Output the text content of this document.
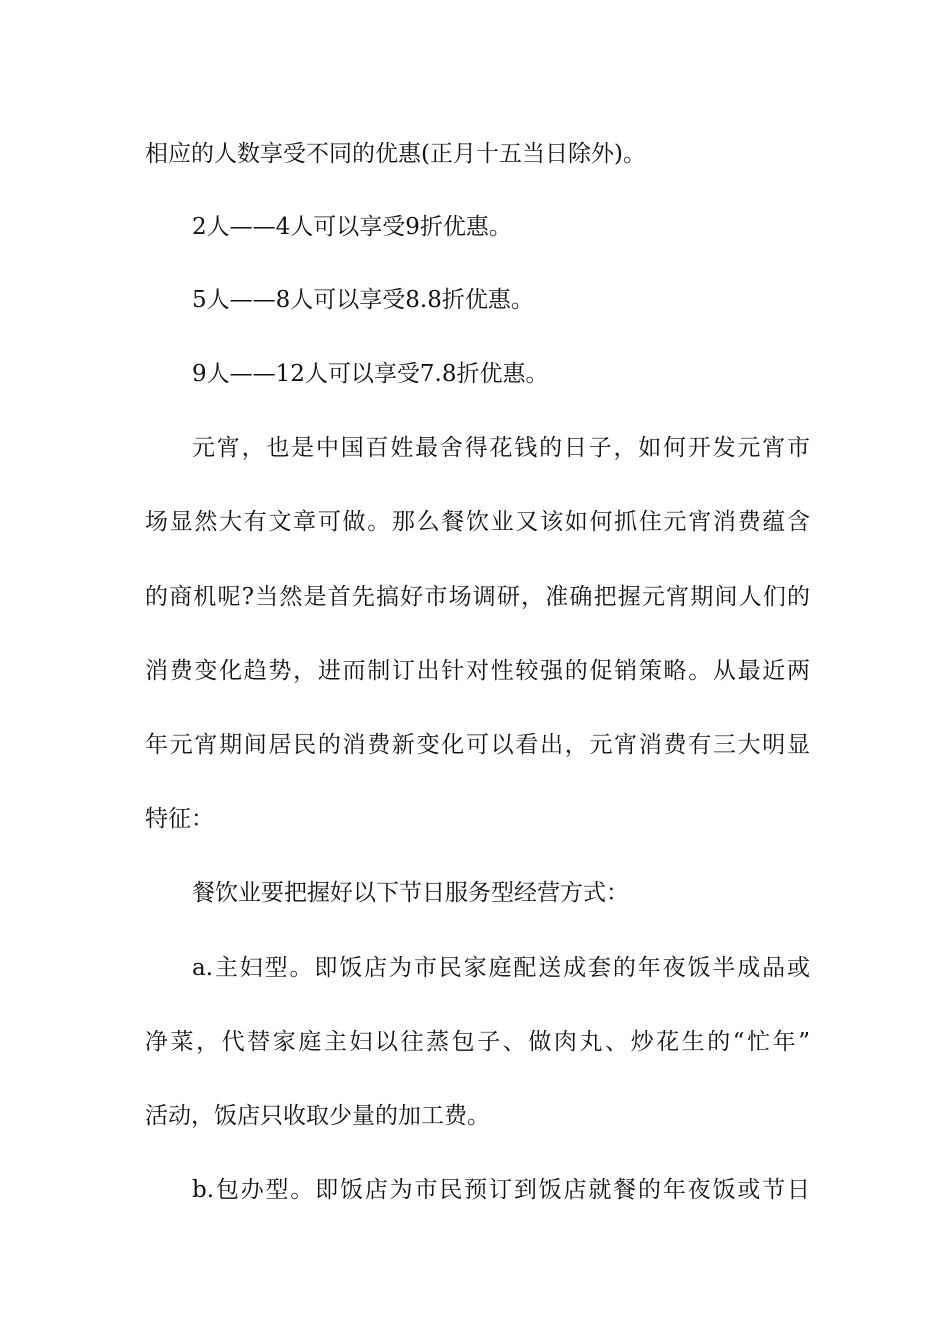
相应的人数享受不同的优惠(正月十五当日除外)。
2人——4人可以享受9折优惠。
5人——8人可以享受8.8折优惠。
9人——12人可以享受7.8折优惠。
元宵，也是中国百姓最舍得花钱的日子，如何开发元宵市
场显然大有文章可做。那么餐饮业又该如何抓住元宵消费蕴含
的商机呢?当然是首先搞好市场调研，准确把握元宵期间人们的
消费变化趋势，进而制订出针对性较强的促销策略。从最近两
年元宵期间居民的消费新变化可以看出，元宵消费有三大明显
特征：
餐饮业要把握好以下节日服务型经营方式：
a.主妇型。即饭店为市民家庭配送成套的年夜饭半成品或
净菜，代替家庭主妇以往蒸包子、做肉丸、炒花生的“忙年”
活动，饭店只收取少量的加工费。
b.包办型。即饭店为市民预订到饭店就餐的年夜饭或节日
